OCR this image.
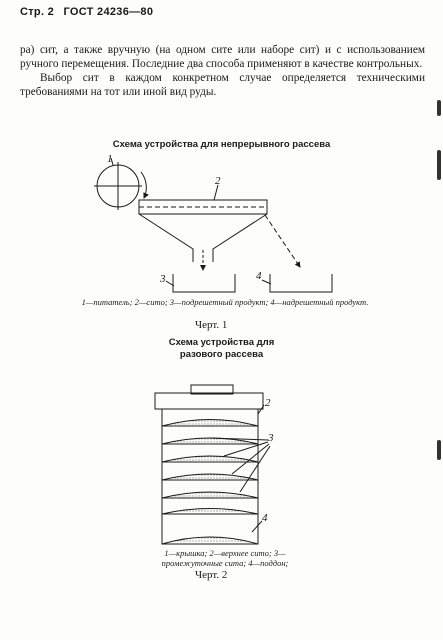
Стр. 2 ГОСТ 24236—80
ра) сит, а также вручную (на одном сите или наборе сит) и с использованием ручного перемещения. Последние два способа применяют в качестве контрольных.
Выбор сит в каждом конкретном случае определяется техническими требованиями на тот или иной вид руды.
Схема устройства для непрерывного рассева
1
2
3	4
2
3
4
1—питатель; 2—сито; 3—подрешетный продукт; 4—надрешетный продукт.
Черт. 1
Схема устройства для
разового рассева
1—крышка; 2—верхнее сито; 3—промежуточные сита; 4—поддон;
Черт. 2
